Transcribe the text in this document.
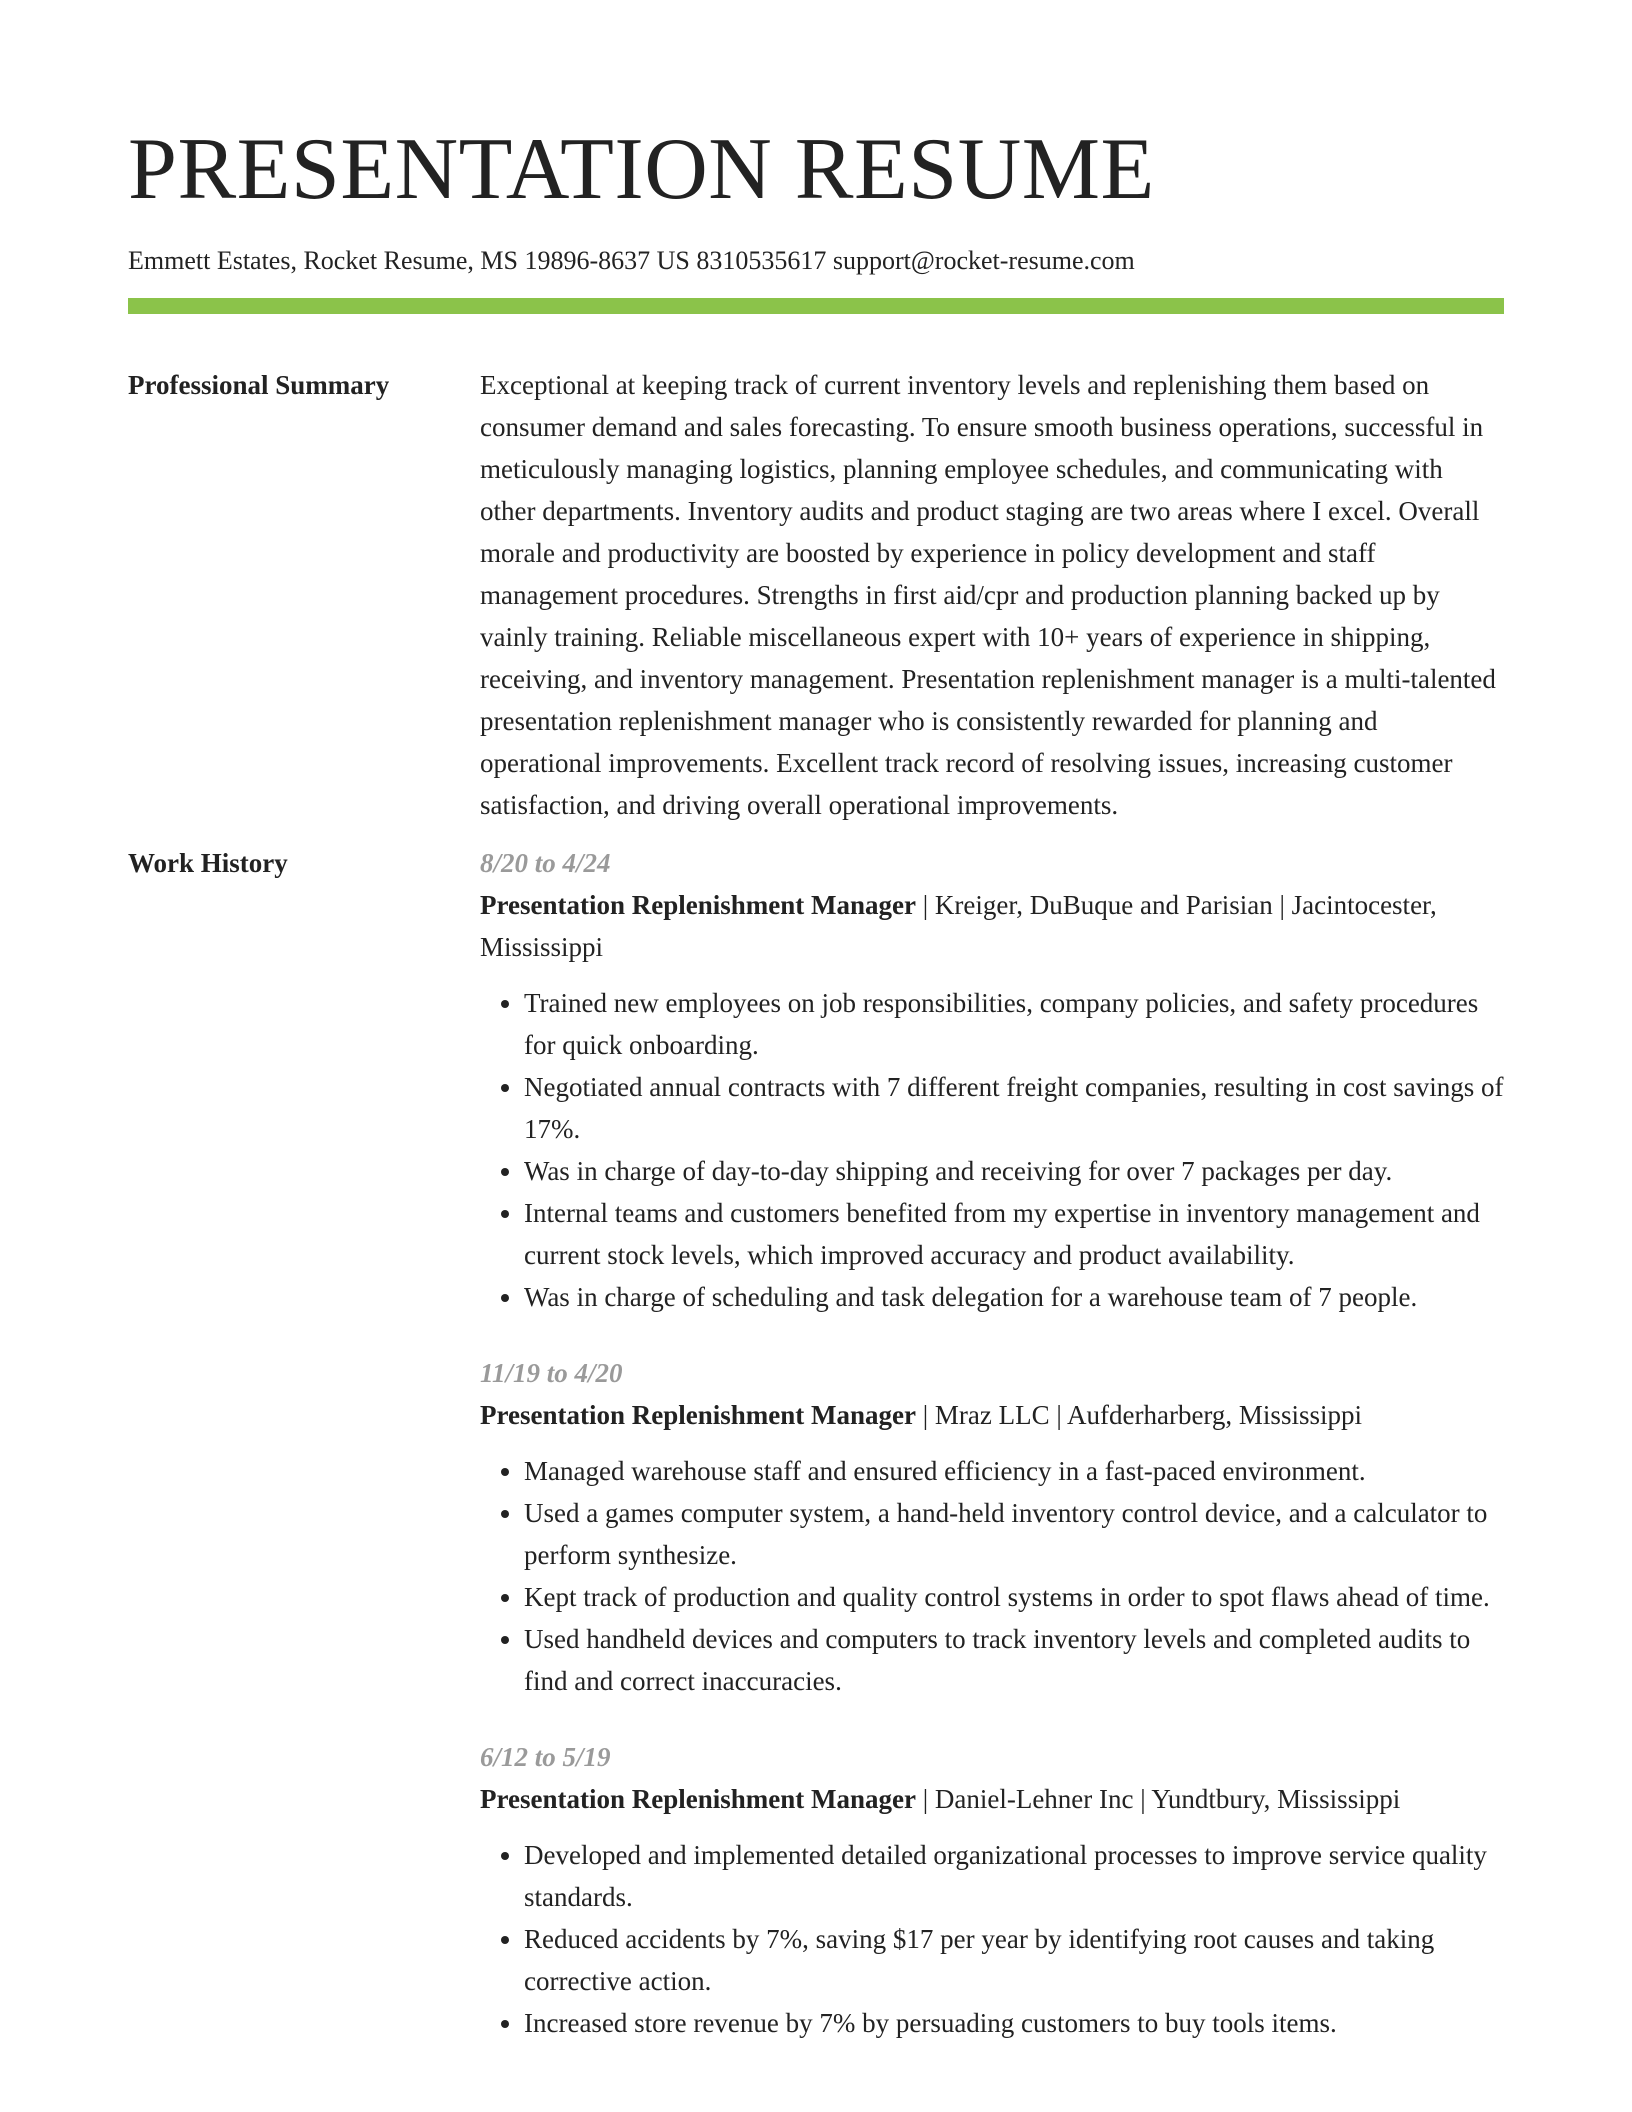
PRESENTATION RESUME
Emmett Estates, Rocket Resume, MS 19896-8637 US 8310535617 support@rocket-resume.com
Professional Summary	Exceptional at keeping track of current inventory levels and replenishing them based on consumer demand and sales forecasting. To ensure smooth business operations, successful in meticulously managing logistics, planning employee schedules, and communicating with other departments. Inventory audits and product staging are two areas where I excel. Overall morale and productivity are boosted by experience in policy development and staff management procedures. Strengths in first aid/cpr and production planning backed up by vainly training. Reliable miscellaneous expert with 10+ years of experience in shipping, receiving, and inventory management. Presentation replenishment manager is a multi-talented presentation replenishment manager who is consistently rewarded for planning and operational improvements. Excellent track record of resolving issues, increasing customer satisfaction, and driving overall operational improvements.

Work History	8/20 to 4/24

Presentation Replenishment Manager | Kreiger, DuBuque and Parisian | Jacintocester, Mississippi

• Trained new employees on job responsibilities, company policies, and safety procedures for quick onboarding.
• Negotiated annual contracts with 7 different freight companies, resulting in cost savings of 17%.
• Was in charge of day-to-day shipping and receiving for over 7 packages per day.
• Internal teams and customers benefited from my expertise in inventory management and current stock levels, which improved accuracy and product availability.
• Was in charge of scheduling and task delegation for a warehouse team of 7 people.

11/19 to 4/20

Presentation Replenishment Manager | Mraz LLC | Aufderharberg, Mississippi

• Managed warehouse staff and ensured efficiency in a fast-paced environment.
• Used a games computer system, a hand-held inventory control device, and a calculator to perform synthesize.
• Kept track of production and quality control systems in order to spot flaws ahead of time.
• Used handheld devices and computers to track inventory levels and completed audits to find and correct inaccuracies.

6/12 to 5/19

Presentation Replenishment Manager | Daniel-Lehner Inc | Yundtbury, Mississippi

• Developed and implemented detailed organizational processes to improve service quality standards.
• Reduced accidents by 7%, saving $17 per year by identifying root causes and taking corrective action.
• Increased store revenue by 7% by persuading customers to buy tools items.
